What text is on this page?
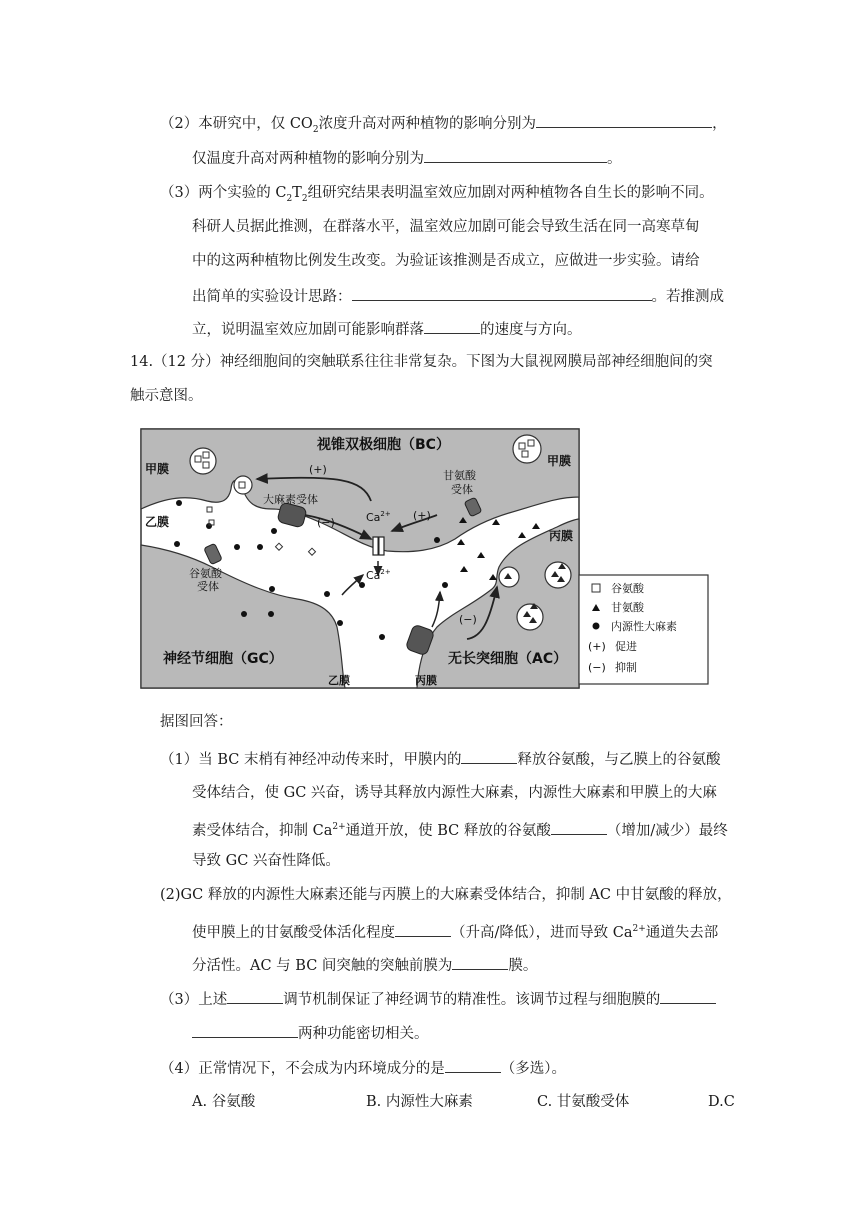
（2）本研究中，仅 $CO_2$浓度升高对两种植物的影响分别为	，
仅温度升高对两种植物的影响分别为	。
（3）两个实验的 $C_2T_2$组研究结果表明温室效应加剧对两种植物各自生长的影响不同。
科研人员据此推测，在群落水平，温室效应加剧可能会导致生活在同一高寒草甸
中的这两种植物比例发生改变。为验证该推测是否成立，应做进一步实验。请给
出简单的实验设计思路：	。若推测成
立，说明温室效应加剧可能影响群落	的速度与方向。
14.（12 分）神经细胞间的突触联系往往非常复杂。下图为大鼠视网膜局部神经细胞间的突
触示意图。
视锥双极细胞（BC）
甲膜
甲膜
乙膜
丙膜
大麻素受体
甘氨酸
受体
谷氨酸
受体
$Ca^{2+}$
$Ca^{2+}$
(+)
(+)
(−)
(−)
神经节细胞（GC）	无长突细胞（AC）
乙膜	丙膜
谷氨酸
甘氨酸
内源性大麻素
(+) 促进
(−) 抑制
据图回答：
（1）当 BC 末梢有神经冲动传来时，甲膜内的	释放谷氨酸，与乙膜上的谷氨酸
受体结合，使 GC 兴奋，诱导其释放内源性大麻素，内源性大麻素和甲膜上的大麻
素受体结合，抑制 $Ca^{2+}$通道开放，使 BC 释放的谷氨酸	（增加/减少）最终
导致 GC 兴奋性降低。
(2)GC 释放的内源性大麻素还能与丙膜上的大麻素受体结合，抑制 AC 中甘氨酸的释放，
使甲膜上的甘氨酸受体活化程度	（升高/降低），进而导致 $Ca^{2+}$通道失去部
分活性。AC 与 BC 间突触的突触前膜为	膜。
（3）上述	调节机制保证了神经调节的精准性。该调节过程与细胞膜的
两种功能密切相关。
（4）正常情况下，不会成为内环境成分的是	（多选）。
A. 谷氨酸	B. 内源性大麻素	C. 甘氨酸受体	D.C
